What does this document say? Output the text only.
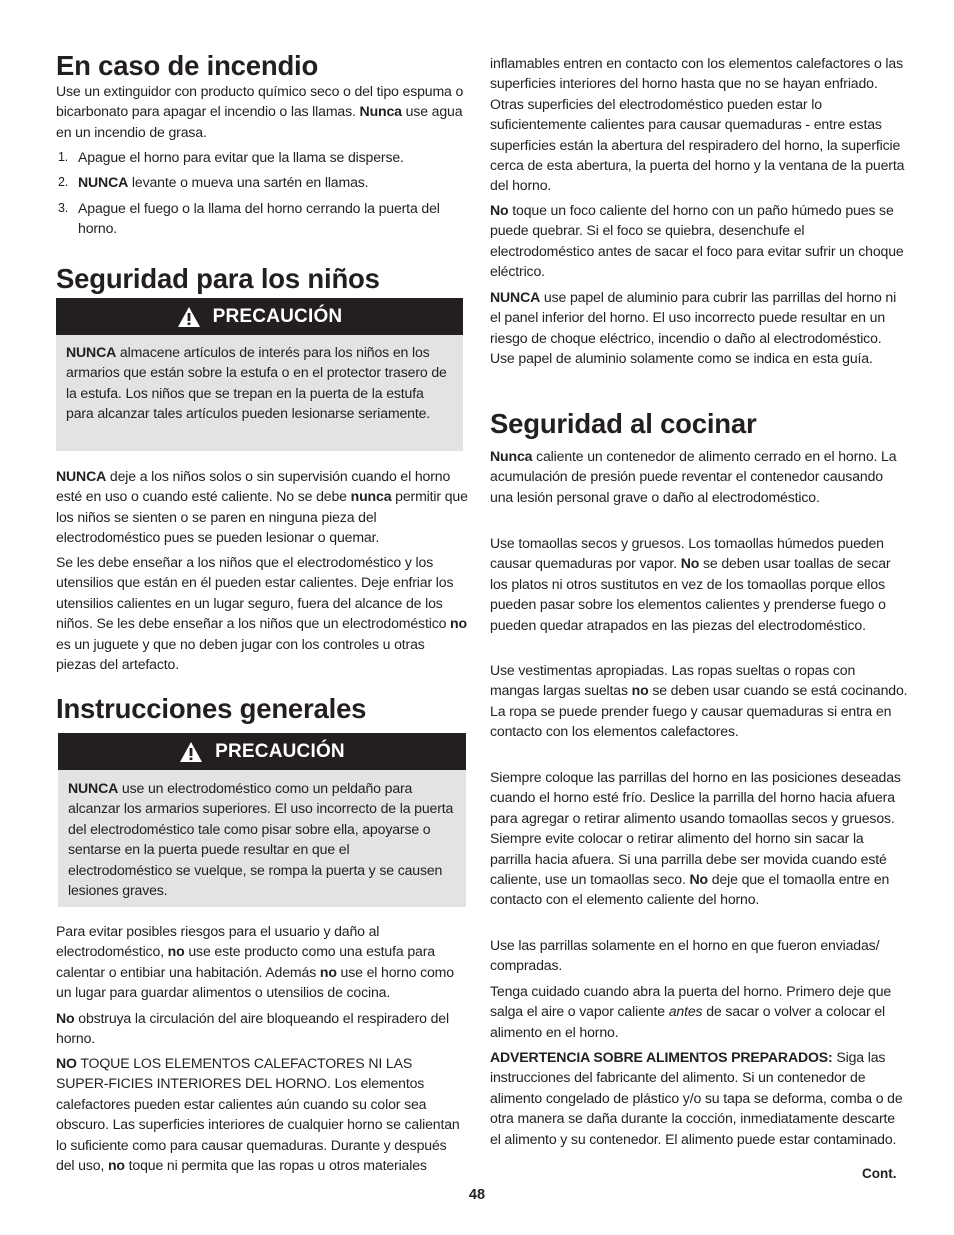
En caso de incendio

Use un extinguidor con producto químico seco o del tipo espuma o bicarbonato para apagar el incendio o las llamas. Nunca use agua en un incendio de grasa.

1. Apague el horno para evitar que la llama se disperse.
2. NUNCA levante o mueva una sartén en llamas.
3. Apague el fuego o la llama del horno cerrando la puerta del horno.
Seguridad para los niños
PRECAUCIÓN

NUNCA almacene artículos de interés para los niños en los armarios que están sobre la estufa o en el protector trasero de la estufa. Los niños que se trepan en la puerta de la estufa para alcanzar tales artículos pueden lesionarse seriamente.

NUNCA deje a los niños solos o sin supervisión cuando el horno esté en uso o cuando esté caliente. No se debe nunca permitir que los niños se sienten o se paren en ninguna pieza del electrodoméstico pues se pueden lesionar o quemar.

Se les debe enseñar a los niños que el electrodoméstico y los utensilios que están en él pueden estar calientes. Deje enfriar los utensilios calientes en un lugar seguro, fuera del alcance de los niños. Se les debe enseñar a los niños que un electrodoméstico no es un juguete y que no deben jugar con los controles u otras piezas del artefacto.

Instrucciones generales
PRECAUCIÓN

NUNCA use un electrodoméstico como un peldaño para alcanzar los armarios superiores. El uso incorrecto de la puerta del electrodoméstico tale como pisar sobre ella, apoyarse o sentarse en la puerta puede resultar en que el electrodoméstico se vuelque, se rompa la puerta y se causen lesiones graves.

Para evitar posibles riesgos para el usuario y daño al electrodoméstico, no use este producto como una estufa para calentar o entibiar una habitación. Además no use el horno como un lugar para guardar alimentos o utensilios de cocina.

No obstruya la circulación del aire bloqueando el respiradero del horno.

NO TOQUE LOS ELEMENTOS CALEFACTORES NI LAS SUPER-FICIES INTERIORES DEL HORNO. Los elementos calefactores pueden estar calientes aún cuando su color sea obscuro. Las superficies interiores de cualquier horno se calientan lo suficiente como para causar quemaduras. Durante y después del uso, no toque ni permita que las ropas u otros materiales

inflamables entren en contacto con los elementos calefactores o las superficies interiores del horno hasta que no se hayan enfriado. Otras superficies del electrodoméstico pueden estar lo suficientemente calientes para causar quemaduras - entre estas superficies están la abertura del respiradero del horno, la superficie cerca de esta abertura, la puerta del horno y la ventana de la puerta del horno.

No toque un foco caliente del horno con un paño húmedo pues se puede quebrar. Si el foco se quiebra, desenchufe el electrodoméstico antes de sacar el foco para evitar sufrir un choque eléctrico.

NUNCA use papel de aluminio para cubrir las parrillas del horno ni el panel inferior del horno. El uso incorrecto puede resultar en un riesgo de choque eléctrico, incendio o daño al electrodoméstico. Use papel de aluminio solamente como se indica en esta guía.

Seguridad al cocinar

Nunca caliente un contenedor de alimento cerrado en el horno. La acumulación de presión puede reventar el contenedor causando una lesión personal grave o daño al electrodoméstico.

Use tomaollas secos y gruesos. Los tomaollas húmedos pueden causar quemaduras por vapor. No se deben usar toallas de secar los platos ni otros sustitutos en vez de los tomaollas porque ellos pueden pasar sobre los elementos calientes y prenderse fuego o pueden quedar atrapados en las piezas del electrodoméstico.

Use vestimentas apropiadas. Las ropas sueltas o ropas con mangas largas sueltas no se deben usar cuando se está cocinando. La ropa se puede prender fuego y causar quemaduras si entra en contacto con los elementos calefactores.

Siempre coloque las parrillas del horno en las posiciones deseadas cuando el horno esté frío. Deslice la parrilla del horno hacia afuera para agregar o retirar alimento usando tomaollas secos y gruesos. Siempre evite colocar o retirar alimento del horno sin sacar la parrilla hacia afuera. Si una parrilla debe ser movida cuando esté caliente, use un tomaollas seco. No deje que el tomaolla entre en contacto con el elemento caliente del horno.

Use las parrillas solamente en el horno en que fueron enviadas/ compradas.

Tenga cuidado cuando abra la puerta del horno. Primero deje que salga el aire o vapor caliente antes de sacar o volver a colocar el alimento en el horno.

ADVERTENCIA SOBRE ALIMENTOS PREPARADOS: Siga las instrucciones del fabricante del alimento. Si un contenedor de alimento congelado de plástico y/o su tapa se deforma, comba o de otra manera se daña durante la cocción, inmediatamente descarte el alimento y su contenedor. El alimento puede estar contaminado.

Cont.
48
